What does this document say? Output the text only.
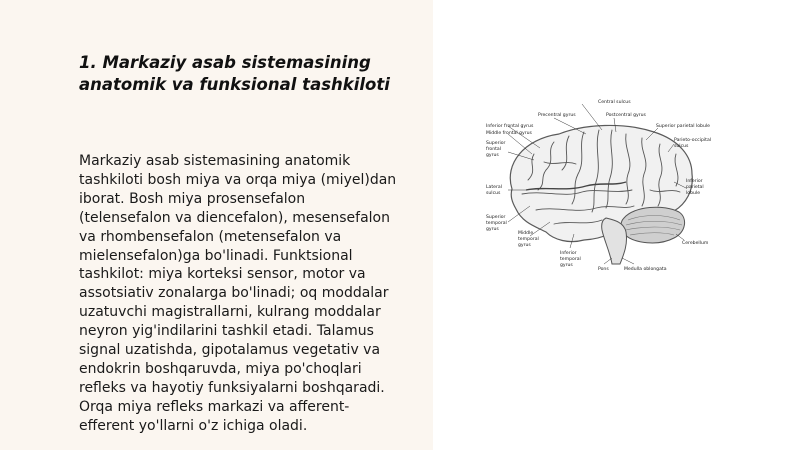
1. Markaziy asab sistemasining
anatomik va funksional tashkiloti

Markaziy asab sistemasining anatomik
tashkiloti bosh miya va orqa miya (miyel)dan
iborat. Bosh miya prosensefalon
(telensefalon va diencefalon), mesensefalon
va rhombensefalon (metensefalon va
mielensefalon)ga bo'linadi. Funktsional
tashkilot: miya korteksi sensor, motor va
assotsiativ zonalarga bo'linadi; oq moddalar
uzatuvchi magistrallarni, kulrang moddalar
neyron yig'indilarini tashkil etadi. Talamus
signal uzatishda, gipotalamus vegetativ va
endokrin boshqaruvda, miya po'choqlari
refleks va hayotiy funksiyalarni boshqaradi.
Orqa miya refleks markazi va afferent-
efferent yo'llarni o'z ichiga oladi.

Central sulcus
Precentral gyrus	Postcentral gyrus
Inferior frontal gyrus
Middle frontal gyrus
Superior frontal gyrus
Superior parietal lobule
Parieto-occipital sulcus
Lateral sulcus
Inferior parietal lobule
Superior temporal gyrus
Middle temporal gyrus
Inferior temporal gyrus
Cerebellum
Pons	Medulla oblongata
